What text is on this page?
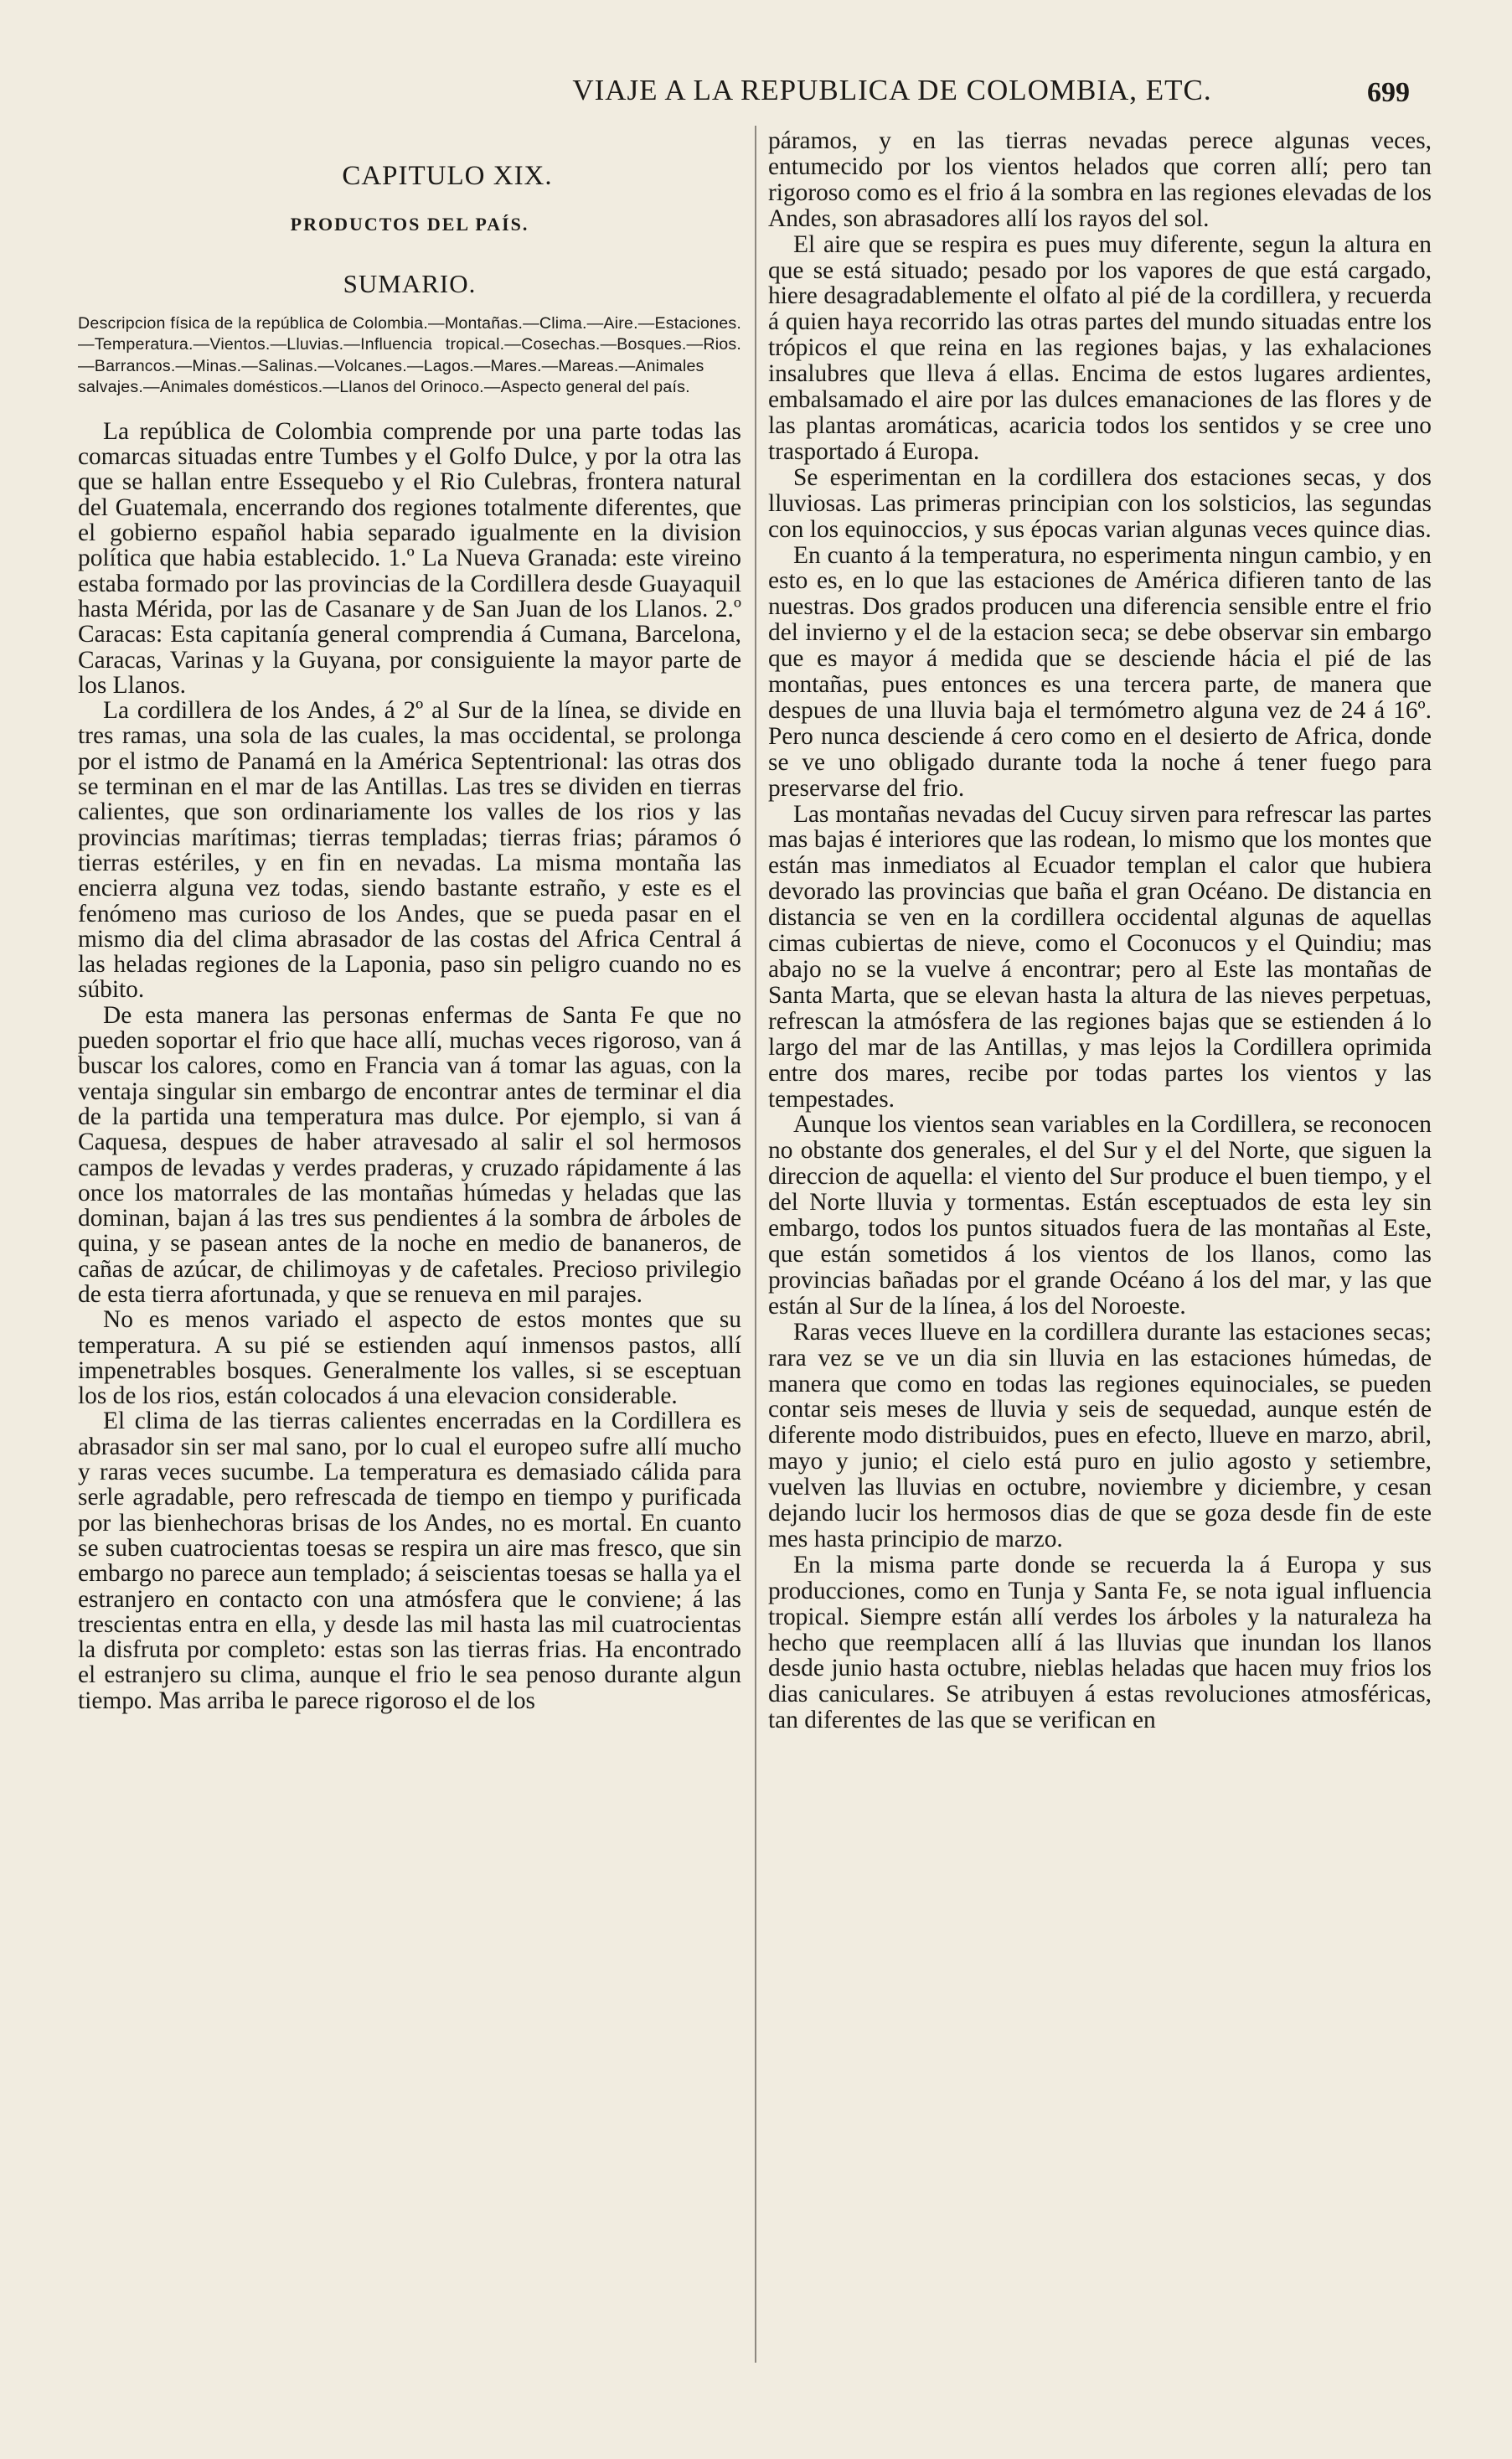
VIAJE A LA REPUBLICA DE COLOMBIA, ETC.	699
CAPITULO XIX.
PRODUCTOS DEL PAÍS.
SUMARIO.
Descripcion física de la república de Colombia.—Montañas.—Clima.—Aire.—Estaciones.—Temperatura.—Vientos.—Lluvias.—Influencia tropical.—Cosechas.—Bosques.—Rios.—Barrancos.—Minas.—Salinas.—Volcanes.—Lagos.—Mares.—Mareas.—Animales salvajes.—Animales domésticos.—Llanos del Orinoco.—Aspecto general del país.

La república de Colombia comprende por una parte todas las comarcas situadas entre Tumbes y el Golfo Dulce, y por la otra las que se hallan entre Essequebo y el Rio Culebras, frontera natural del Guatemala, encerrando dos regiones totalmente diferentes, que el gobierno español habia separado igualmente en la division política que habia establecido. 1.º La Nueva Granada: este vireino estaba formado por las provincias de la Cordillera desde Guayaquil hasta Mérida, por las de Casanare y de San Juan de los Llanos. 2.º Caracas: Esta capitanía general comprendia á Cumana, Barcelona, Caracas, Varinas y la Guyana, por consiguiente la mayor parte de los Llanos.

La cordillera de los Andes, á 2º al Sur de la línea, se divide en tres ramas, una sola de las cuales, la mas occidental, se prolonga por el istmo de Panamá en la América Septentrional: las otras dos se terminan en el mar de las Antillas. Las tres se dividen en tierras calientes, que son ordinariamente los valles de los rios y las provincias marítimas; tierras templadas; tierras frias; páramos ó tierras estériles, y en fin en nevadas. La misma montaña las encierra alguna vez todas, siendo bastante estraño, y este es el fenómeno mas curioso de los Andes, que se pueda pasar en el mismo dia del clima abrasador de las costas del Africa Central á las heladas regiones de la Laponia, paso sin peligro cuando no es súbito.

De esta manera las personas enfermas de Santa Fe que no pueden soportar el frio que hace allí, muchas veces rigoroso, van á buscar los calores, como en Francia van á tomar las aguas, con la ventaja singular sin embargo de encontrar antes de terminar el dia de la partida una temperatura mas dulce. Por ejemplo, si van á Caquesa, despues de haber atravesado al salir el sol hermosos campos de levadas y verdes praderas, y cruzado rápidamente á las once los matorrales de las montañas húmedas y heladas que las dominan, bajan á las tres sus pendientes á la sombra de árboles de quina, y se pasean antes de la noche en medio de bananeros, de cañas de azúcar, de chilimoyas y de cafetales. Precioso privilegio de esta tierra afortunada, y que se renueva en mil parajes.

No es menos variado el aspecto de estos montes que su temperatura. A su pié se estienden aquí inmensos pastos, allí impenetrables bosques. Generalmente los valles, si se esceptuan los de los rios, están colocados á una elevacion considerable.

El clima de las tierras calientes encerradas en la Cordillera es abrasador sin ser mal sano, por lo cual el europeo sufre allí mucho y raras veces sucumbe. La temperatura es demasiado cálida para serle agradable, pero refrescada de tiempo en tiempo y purificada por las bienhechoras brisas de los Andes, no es mortal. En cuanto se suben cuatrocientas toesas se respira un aire mas fresco, que sin embargo no parece aun templado; á seiscientas toesas se halla ya el estranjero en contacto con una atmósfera que le conviene; á las trescientas entra en ella, y desde las mil hasta las mil cuatrocientas la disfruta por completo: estas son las tierras frias. Ha encontrado el estranjero su clima, aunque el frio le sea penoso durante algun tiempo. Mas arriba le parece rigoroso el de los

páramos, y en las tierras nevadas perece algunas veces, entumecido por los vientos helados que corren allí; pero tan rigoroso como es el frio á la sombra en las regiones elevadas de los Andes, son abrasadores allí los rayos del sol.

El aire que se respira es pues muy diferente, segun la altura en que se está situado; pesado por los vapores de que está cargado, hiere desagradablemente el olfato al pié de la cordillera, y recuerda á quien haya recorrido las otras partes del mundo situadas entre los trópicos el que reina en las regiones bajas, y las exhalaciones insalubres que lleva á ellas. Encima de estos lugares ardientes, embalsamado el aire por las dulces emanaciones de las flores y de las plantas aromáticas, acaricia todos los sentidos y se cree uno trasportado á Europa.

Se esperimentan en la cordillera dos estaciones secas, y dos lluviosas. Las primeras principian con los solsticios, las segundas con los equinoccios, y sus épocas varian algunas veces quince dias.

En cuanto á la temperatura, no esperimenta ningun cambio, y en esto es, en lo que las estaciones de América difieren tanto de las nuestras. Dos grados producen una diferencia sensible entre el frio del invierno y el de la estacion seca; se debe observar sin embargo que es mayor á medida que se desciende hácia el pié de las montañas, pues entonces es una tercera parte, de manera que despues de una lluvia baja el termómetro alguna vez de 24 á 16º. Pero nunca desciende á cero como en el desierto de Africa, donde se ve uno obligado durante toda la noche á tener fuego para preservarse del frio.

Las montañas nevadas del Cucuy sirven para refrescar las partes mas bajas é interiores que las rodean, lo mismo que los montes que están mas inmediatos al Ecuador templan el calor que hubiera devorado las provincias que baña el gran Océano. De distancia en distancia se ven en la cordillera occidental algunas de aquellas cimas cubiertas de nieve, como el Coconucos y el Quindiu; mas abajo no se la vuelve á encontrar; pero al Este las montañas de Santa Marta, que se elevan hasta la altura de las nieves perpetuas, refrescan la atmósfera de las regiones bajas que se estienden á lo largo del mar de las Antillas, y mas lejos la Cordillera oprimida entre dos mares, recibe por todas partes los vientos y las tempestades.

Aunque los vientos sean variables en la Cordillera, se reconocen no obstante dos generales, el del Sur y el del Norte, que siguen la direccion de aquella: el viento del Sur produce el buen tiempo, y el del Norte lluvia y tormentas. Están esceptuados de esta ley sin embargo, todos los puntos situados fuera de las montañas al Este, que están sometidos á los vientos de los llanos, como las provincias bañadas por el grande Océano á los del mar, y las que están al Sur de la línea, á los del Noroeste.

Raras veces llueve en la cordillera durante las estaciones secas; rara vez se ve un dia sin lluvia en las estaciones húmedas, de manera que como en todas las regiones equinociales, se pueden contar seis meses de lluvia y seis de sequedad, aunque estén de diferente modo distribuidos, pues en efecto, llueve en marzo, abril, mayo y junio; el cielo está puro en julio agosto y setiembre, vuelven las lluvias en octubre, noviembre y diciembre, y cesan dejando lucir los hermosos dias de que se goza desde fin de este mes hasta principio de marzo.

En la misma parte donde se recuerda la á Europa y sus producciones, como en Tunja y Santa Fe, se nota igual influencia tropical. Siempre están allí verdes los árboles y la naturaleza ha hecho que reemplacen allí á las lluvias que inundan los llanos desde junio hasta octubre, nieblas heladas que hacen muy frios los dias caniculares. Se atribuyen á estas revoluciones atmosféricas, tan diferentes de las que se verifican en
